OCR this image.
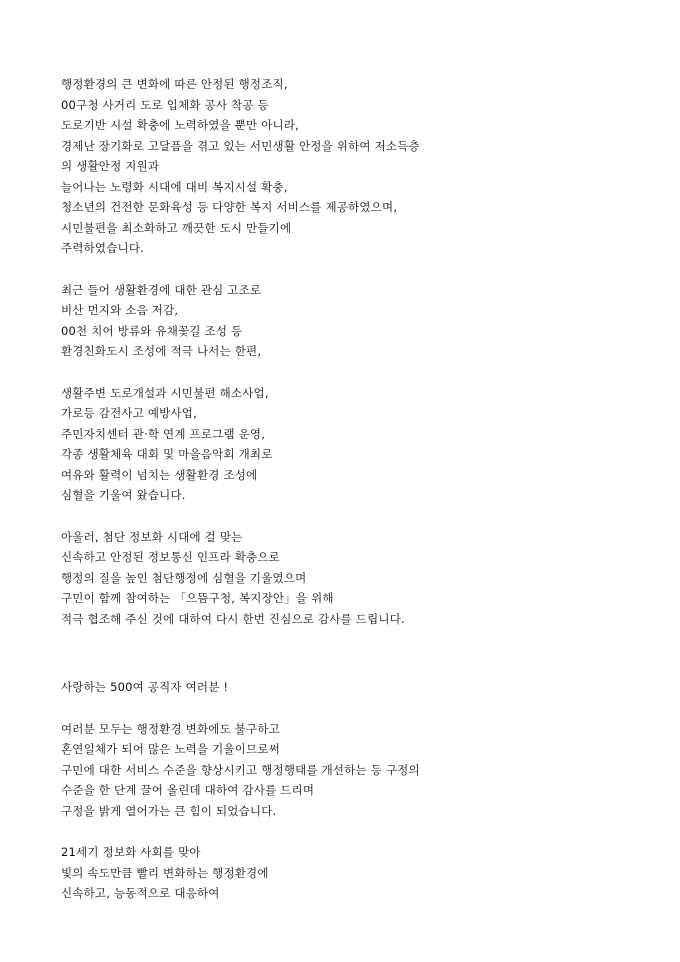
행정환경의 큰 변화에 따른 안정된 행정조직,
00구청 사거리 도로 입체화 공사 착공 등
도로기반 시설 확충에 노력하였을 뿐만 아니라,
경제난 장기화로 고달픔을 겪고 있는 서민생활 안정을 위하여 저소득층
의 생활안정 지원과
늘어나는 노령화 시대에 대비 복지시설 확충,
청소년의 건전한 문화육성 등 다양한 복지 서비스를 제공하였으며,
시민불편을 최소화하고 깨끗한 도시 만들기에
주력하였습니다.
최근 들어 생활환경에 대한 관심 고조로
비산 먼지와 소음 저감,
00천 치어 방류와 유채꽃길 조성 등
환경친화도시 조성에 적극 나서는 한편,
생활주변 도로개설과 시민불편 해소사업,
가로등 감전사고 예방사업,
주민자치센터 관·학 연계 프로그램 운영,
각종 생활체육 대회 및 마을음악회 개최로
여유와 활력이 넘치는 생활환경 조성에
심혈을 기울여 왔습니다.
아울러, 첨단 정보화 시대에 걸 맞는
신속하고 안정된 정보통신 인프라 확충으로
행정의 질을 높인 첨단행정에 심혈을 기울였으며
구민이 함께 참여하는 「으뜸구청, 복지장안」을 위해
적극 협조해 주신 것에 대하여 다시 한번 진심으로 감사를 드립니다.
사랑하는 500여 공직자 여러분 !
여러분 모두는 행정환경 변화에도 불구하고
혼연일체가 되어 많은 노력을 기울이므로써
구민에 대한 서비스 수준을 향상시키고 행정행태를 개선하는 등 구정의
수준을 한 단계 끌어 올린데 대하여 감사를 드리며
구정을 밝게 열어가는 큰 힘이 되었습니다.
21세기 정보화 사회를 맞아
빛의 속도만큼 빨리 변화하는 행정환경에
신속하고, 능동적으로 대응하여
